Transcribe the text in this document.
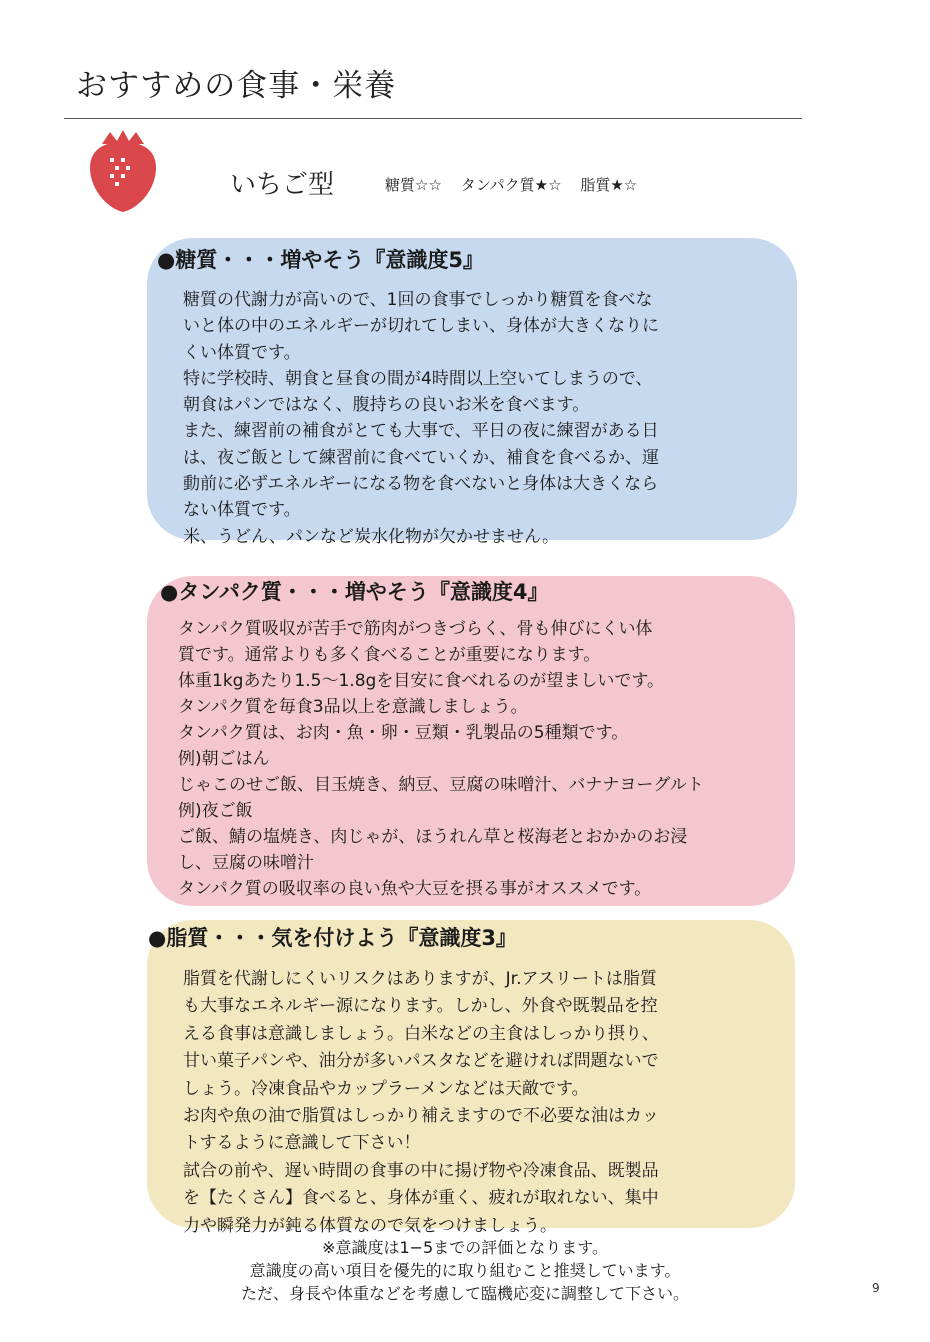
おすすめの食事・栄養
いちご型	糖質☆☆ タンパク質★☆ 脂質★☆
●糖質・・・増やそう『意識度5』
糖質の代謝力が高いので、1回の食事でしっかり糖質を食べな
いと体の中のエネルギーが切れてしまい、身体が大きくなりに
くい体質です。
特に学校時、朝食と昼食の間が4時間以上空いてしまうので、
朝食はパンではなく、腹持ちの良いお米を食べます。
また、練習前の補食がとても大事で、平日の夜に練習がある日
は、夜ご飯として練習前に食べていくか、補食を食べるか、運
動前に必ずエネルギーになる物を食べないと身体は大きくなら
ない体質です。
米、うどん、パンなど炭水化物が欠かせません。
●タンパク質・・・増やそう『意識度4』
タンパク質吸収が苦手で筋肉がつきづらく、骨も伸びにくい体
質です。通常よりも多く食べることが重要になります。
体重1kgあたり1.5〜1.8gを目安に食べれるのが望ましいです。
タンパク質を毎食3品以上を意識しましょう。
タンパク質は、お肉・魚・卵・豆類・乳製品の5種類です。
例)朝ごはん
じゃこのせご飯、目玉焼き、納豆、豆腐の味噌汁、バナナヨーグルト
例)夜ご飯
ご飯、鯖の塩焼き、肉じゃが、ほうれん草と桜海老とおかかのお浸
し、豆腐の味噌汁
タンパク質の吸収率の良い魚や大豆を摂る事がオススメです。
●脂質・・・気を付けよう『意識度3』
脂質を代謝しにくいリスクはありますが、Jr.アスリートは脂質
も大事なエネルギー源になります。しかし、外食や既製品を控
える食事は意識しましょう。白米などの主食はしっかり摂り、
甘い菓子パンや、油分が多いパスタなどを避ければ問題ないで
しょう。冷凍食品やカップラーメンなどは天敵です。
お肉や魚の油で脂質はしっかり補えますので不必要な油はカッ
トするように意識して下さい！
試合の前や、遅い時間の食事の中に揚げ物や冷凍食品、既製品
を【たくさん】食べると、身体が重く、疲れが取れない、集中
力や瞬発力が鈍る体質なので気をつけましょう。
※意識度は1−5までの評価となります。
意識度の高い項目を優先的に取り組むこと推奨しています。
ただ、身長や体重などを考慮して臨機応変に調整して下さい。	9
